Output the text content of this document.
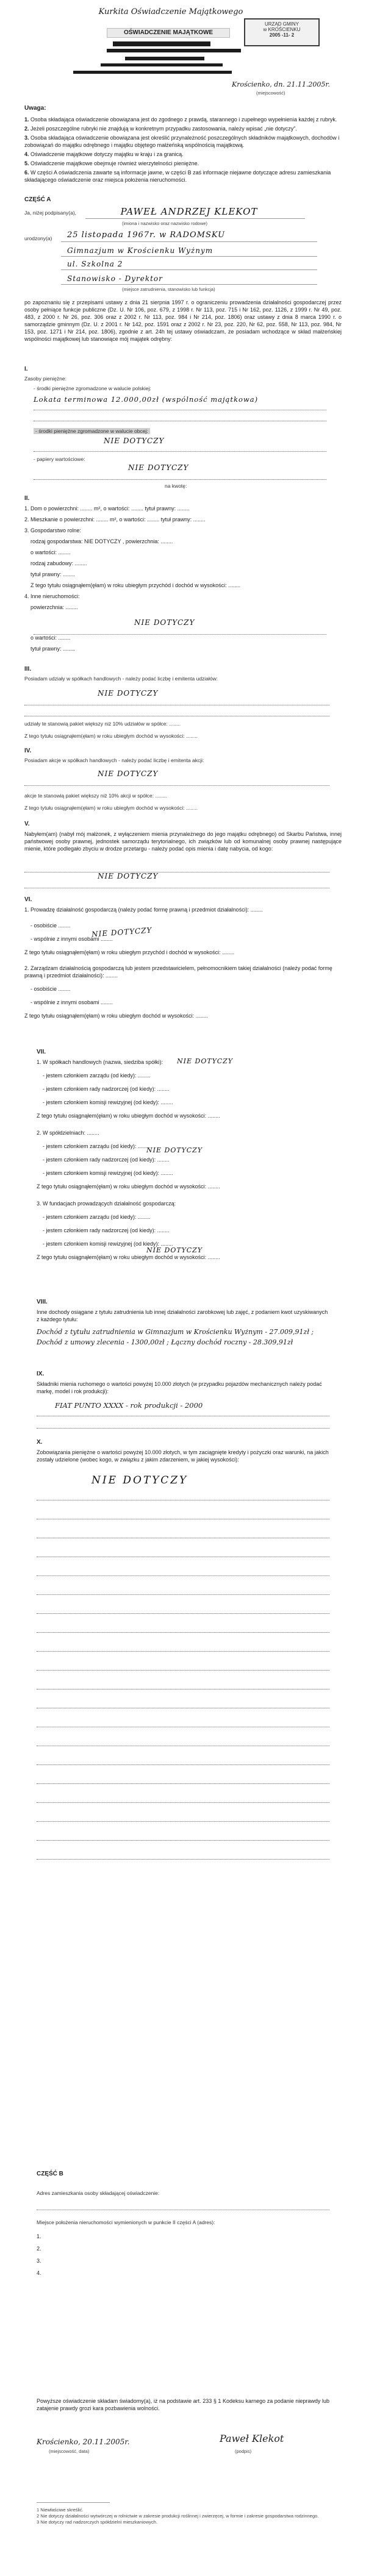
Kurkita Oświadczenie Majątkowego
URZĄD GMINY
w KROŚCIENKU
2005 -11- 2
OŚWIADCZENIE MAJĄTKOWE
Krościenko, dn. 21.11.2005r.
(miejscowość)
Uwaga:
1. Osoba składająca oświadczenie obowiązana jest do zgodnego z prawdą, starannego i zupełnego wypełnienia każdej z rubryk.
2. Jeżeli poszczególne rubryki nie znajdują w konkretnym przypadku zastosowania, należy wpisać „nie dotyczy”.
3. Osoba składająca oświadczenie obowiązana jest określić przynależność poszczególnych składników majątkowych, dochodów i zobowiązań do majątku odrębnego i majątku objętego małżeńską wspólnością majątkową.
4. Oświadczenie majątkowe dotyczy majątku w kraju i za granicą.
5. Oświadczenie majątkowe obejmuje również wierzytelności pieniężne.
6. W części A oświadczenia zawarte są informacje jawne, w części B zaś informacje niejawne dotyczące adresu zamieszkania składającego oświadczenie oraz miejsca położenia nieruchomości.
CZĘŚĆ A
Ja, niżej podpisany(a),	PAWEŁ ANDRZEJ KLEKOT
(imiona i nazwisko oraz nazwisko rodowe)
urodzony(a) 25 listopada 1967r. w RADOMSKU
Gimnazjum w Krościenku Wyżnym
ul. Szkolna 2
Stanowisko - Dyrektor
(miejsce zatrudnienia, stanowisko lub funkcja)
po zapoznaniu się z przepisami ustawy z dnia 21 sierpnia 1997 r. o ograniczeniu prowadzenia działalności gospodarczej przez osoby pełniące funkcje publiczne (Dz. U. Nr 106, poz. 679, z 1998 r. Nr 113, poz. 715 i Nr 162, poz. 1126, z 1999 r. Nr 49, poz. 483, z 2000 r. Nr 26, poz. 306 oraz z 2002 r. Nr 113, poz. 984 i Nr 214, poz. 1806) oraz ustawy z dnia 8 marca 1990 r. o samorządzie gminnym (Dz. U. z 2001 r. Nr 142, poz. 1591 oraz z 2002 r. Nr 23, poz. 220, Nr 62, poz. 558, Nr 113, poz. 984, Nr 153, poz. 1271 i Nr 214, poz. 1806), zgodnie z art. 24h tej ustawy oświadczam, że posiadam wchodzące w skład małżeńskiej wspólności majątkowej lub stanowiące mój majątek odrębny:
I.
Zasoby pieniężne:
- środki pieniężne zgromadzone w walucie polskiej:
Lokata terminowa 12.000,00zł (wspólność majątkowa)
- środki pieniężne zgromadzone w walucie obcej:
NIE DOTYCZY
- papiery wartościowe:
NIE DOTYCZY
na kwotę:
II.
1. Dom o powierzchni: ........ m², o wartości: ........ tytuł prawny: ........
2. Mieszkanie o powierzchni: ........ m², o wartości: ........ tytuł prawny: ........
3. Gospodarstwo rolne:
rodzaj gospodarstwa: NIE DOTYCZY , powierzchnia: ........
o wartości: ........
rodzaj zabudowy: ........
tytuł prawny: ........
Z tego tytułu osiągnąłem(ęłam) w roku ubiegłym przychód i dochód w wysokości: ........
4. Inne nieruchomości:
powierzchnia: ........
NIE DOTYCZY
o wartości: ........
tytuł prawny: ........
III.
Posiadam udziały w spółkach handlowych - należy podać liczbę i emitenta udziałów:
NIE DOTYCZY
udziały te stanowią pakiet większy niż 10% udziałów w spółce: ........
Z tego tytułu osiągnąłem(ęłam) w roku ubiegłym dochód w wysokości: ........
IV.
Posiadam akcje w spółkach handlowych - należy podać liczbę i emitenta akcji:
NIE DOTYCZY
akcje te stanowią pakiet większy niż 10% akcji w spółce: ........
Z tego tytułu osiągnąłem(ęłam) w roku ubiegłym dochód w wysokości: ........
V.
Nabyłem(am) (nabył mój małżonek, z wyłączeniem mienia przynależnego do jego majątku odrębnego) od Skarbu Państwa, innej państwowej osoby prawnej, jednostek samorządu terytorialnego, ich związków lub od komunalnej osoby prawnej następujące mienie, które podlegało zbyciu w drodze przetargu - należy podać opis mienia i datę nabycia, od kogo:
NIE DOTYCZY
VI.
1. Prowadzę działalność gospodarczą (należy podać formę prawną i przedmiot działalności): ........
- osobiście ........
- wspólnie z innymi osobami ........
Z tego tytułu osiągnąłem(ęłam) w roku ubiegłym przychód i dochód w wysokości: ........
2. Zarządzam działalnością gospodarczą lub jestem przedstawicielem, pełnomocnikiem takiej działalności (należy podać formę prawną i przedmiot działalności): ........
- osobiście ........
- wspólnie z innymi osobami ........
Z tego tytułu osiągnąłem(ęłam) w roku ubiegłym dochód w wysokości: ........
NIE DOTYCZY
VII.
1. W spółkach handlowych (nazwa, siedziba spółki):
- jestem członkiem zarządu (od kiedy): ........
- jestem członkiem rady nadzorczej (od kiedy): ........
- jestem członkiem komisji rewizyjnej (od kiedy): ........
Z tego tytułu osiągnąłem(ęłam) w roku ubiegłym dochód w wysokości: ........
2. W spółdzielniach: ........
- jestem członkiem zarządu (od kiedy): ........
- jestem członkiem rady nadzorczej (od kiedy): ........
- jestem członkiem komisji rewizyjnej (od kiedy): ........
Z tego tytułu osiągnąłem(ęłam) w roku ubiegłym dochód w wysokości: ........
3. W fundacjach prowadzących działalność gospodarczą:
- jestem członkiem zarządu (od kiedy): ........
- jestem członkiem rady nadzorczej (od kiedy): ........
- jestem członkiem komisji rewizyjnej (od kiedy): ........
Z tego tytułu osiągnąłem(ęłam) w roku ubiegłym dochód w wysokości: ........
NIE DOTYCZY
NIE DOTYCZY
NIE DOTYCZY
VIII.
Inne dochody osiągane z tytułu zatrudnienia lub innej działalności zarobkowej lub zajęć, z podaniem kwot uzyskiwanych z każdego tytułu:
Dochód z tytułu zatrudnienia w Gimnazjum w Krościenku Wyżnym - 27.009,91zł ; Dochód z umowy zlecenia - 1300,00zł ; Łączny dochód roczny - 28.309,91zł
IX.
Składniki mienia ruchomego o wartości powyżej 10.000 złotych (w przypadku pojazdów mechanicznych należy podać markę, model i rok produkcji):
FIAT PUNTO XXXX - rok produkcji - 2000
X.
Zobowiązania pieniężne o wartości powyżej 10.000 złotych, w tym zaciągnięte kredyty i pożyczki oraz warunki, na jakich zostały udzielone (wobec kogo, w związku z jakim zdarzeniem, w jakiej wysokości):
NIE DOTYCZY
CZĘŚĆ B
Adres zamieszkania osoby składającej oświadczenie:
Miejsce położenia nieruchomości wymienionych w punkcie II części A (adres):
1.
2.
3.
4.
Powyższe oświadczenie składam świadomy(a), iż na podstawie art. 233 § 1 Kodeksu karnego za podanie nieprawdy lub zatajenie prawdy grozi kara pozbawienia wolności.
Krościenko, 20.11.2005r.
(miejscowość, data)
Paweł Klekot
(podpis)
1 Niewłaściwe skreślić.
2 Nie dotyczy działalności wytwórczej w rolnictwie w zakresie produkcji roślinnej i zwierzęcej, w formie i zakresie gospodarstwa rodzinnego.
3 Nie dotyczy rad nadzorczych spółdzielni mieszkaniowych.
